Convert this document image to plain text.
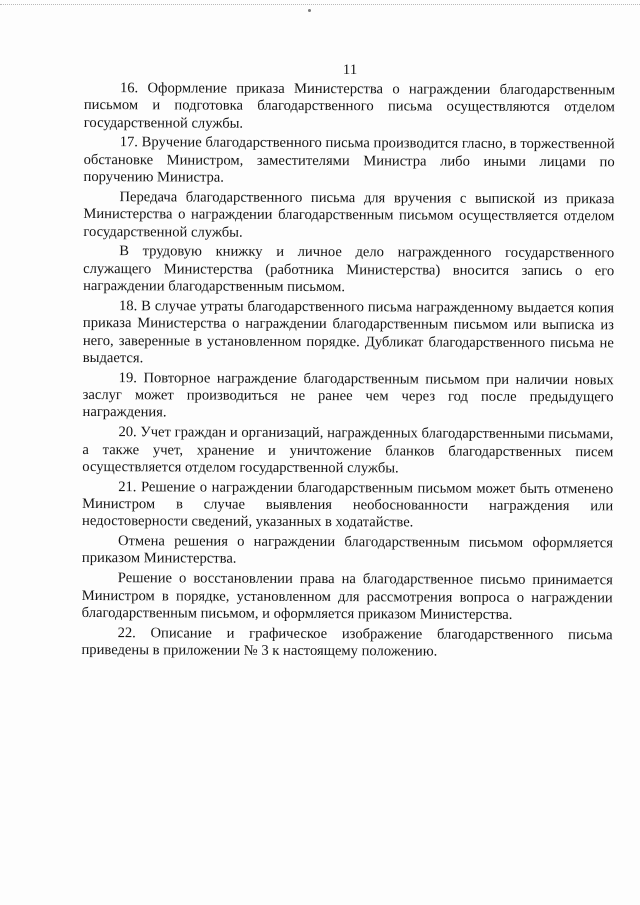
11

16. Оформление приказа Министерства о награждении благодарственным письмом и подготовка благодарственного письма осуществляются отделом государственной службы.

17. Вручение благодарственного письма производится гласно, в торжественной обстановке Министром, заместителями Министра либо иными лицами по поручению Министра.

Передача благодарственного письма для вручения с выпиской из приказа Министерства о награждении благодарственным письмом осуществляется отделом государственной службы.

В трудовую книжку и личное дело награжденного государственного служащего Министерства (работника Министерства) вносится запись о его награждении благодарственным письмом.

18. В случае утраты благодарственного письма награжденному выдается копия приказа Министерства о награждении благодарственным письмом или выписка из него, заверенные в установленном порядке. Дубликат благодарственного письма не выдается.

19. Повторное награждение благодарственным письмом при наличии новых заслуг может производиться не ранее чем через год после предыдущего награждения.

20. Учет граждан и организаций, награжденных благодарственными письмами, а также учет, хранение и уничтожение бланков благодарственных писем осуществляется отделом государственной службы.

21. Решение о награждении благодарственным письмом может быть отменено Министром в случае выявления необоснованности награждения или недостоверности сведений, указанных в ходатайстве.

Отмена решения о награждении благодарственным письмом оформляется приказом Министерства.

Решение о восстановлении права на благодарственное письмо принимается Министром в порядке, установленном для рассмотрения вопроса о награждении благодарственным письмом, и оформляется приказом Министерства.

22. Описание и графическое изображение благодарственного письма приведены в приложении № 3 к настоящему положению.
